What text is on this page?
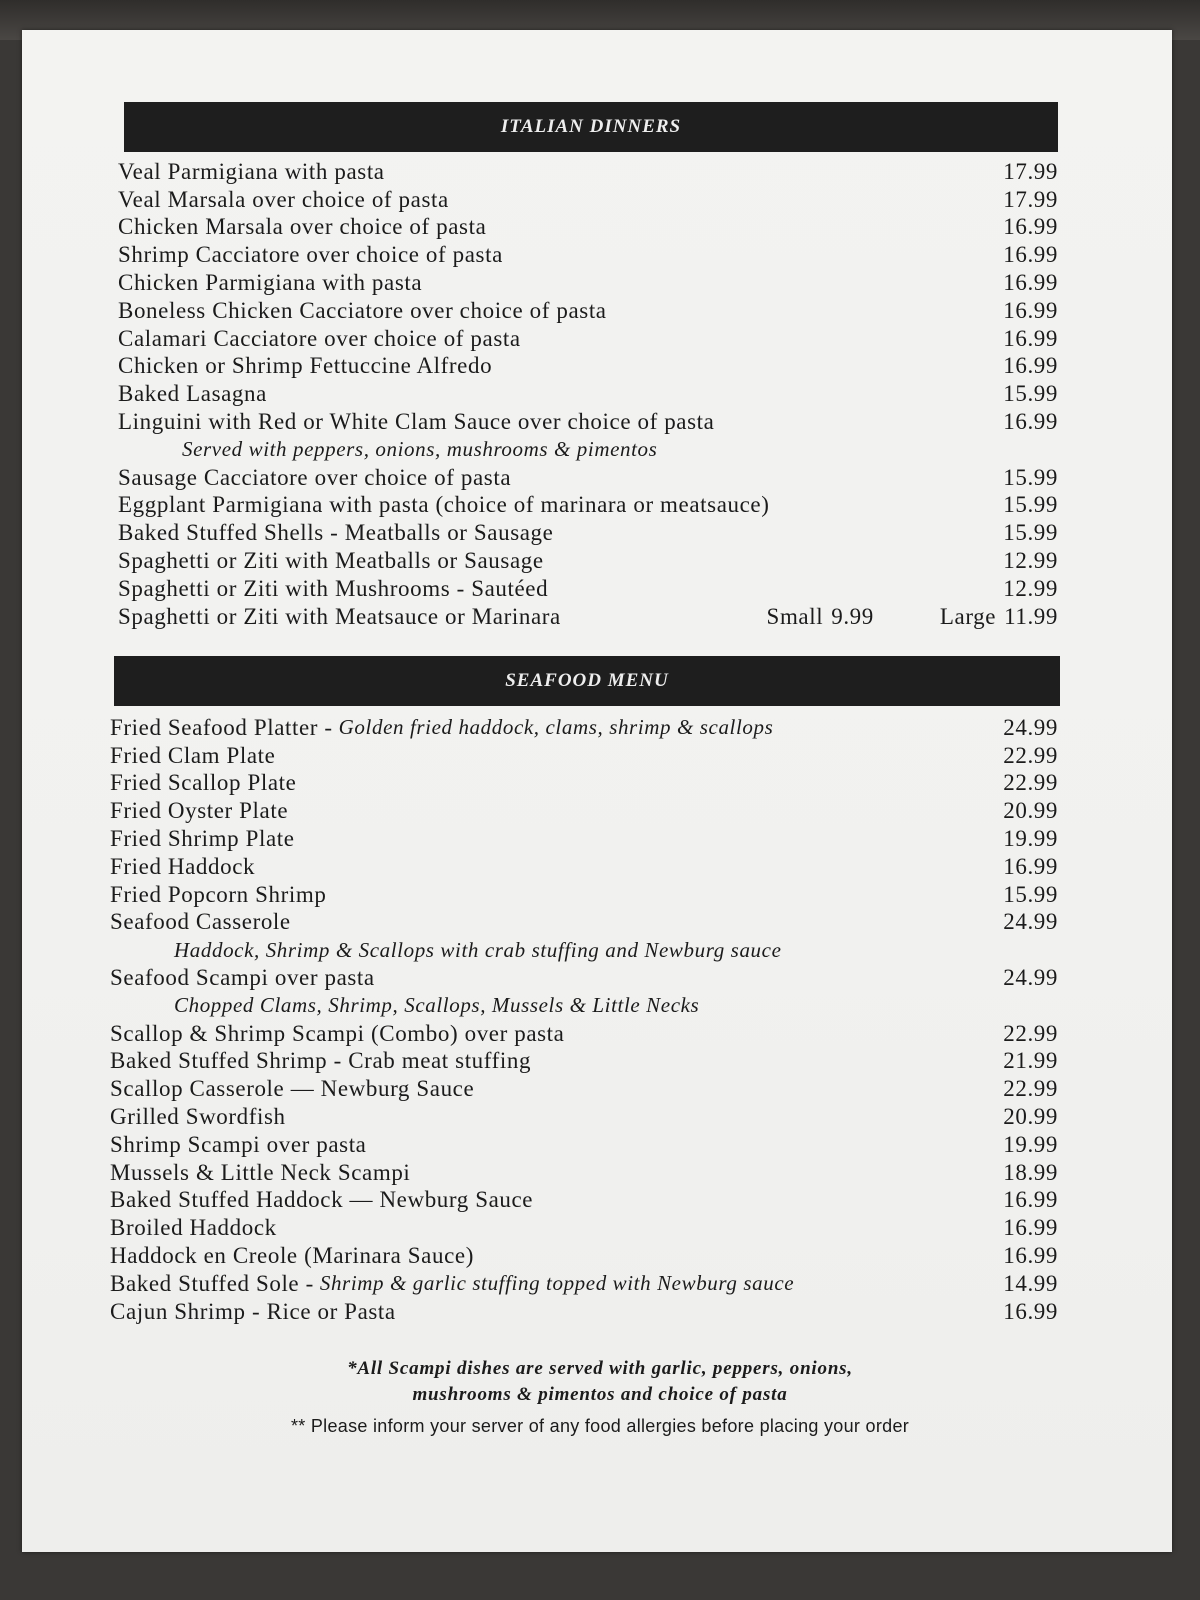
ITALIAN DINNERS
Veal Parmigiana with pasta	17.99
Veal Marsala over choice of pasta	17.99
Chicken Marsala over choice of pasta	16.99
Shrimp Cacciatore over choice of pasta	16.99
Chicken Parmigiana with pasta	16.99
Boneless Chicken Cacciatore over choice of pasta	16.99
Calamari Cacciatore over choice of pasta	16.99
Chicken or Shrimp Fettuccine Alfredo	16.99
Baked Lasagna	15.99
Linguini with Red or White Clam Sauce over choice of pasta	16.99
Served with peppers, onions, mushrooms & pimentos
Sausage Cacciatore over choice of pasta	15.99
Eggplant Parmigiana with pasta (choice of marinara or meatsauce)	15.99
Baked Stuffed Shells - Meatballs or Sausage	15.99
Spaghetti or Ziti with Meatballs or Sausage	12.99
Spaghetti or Ziti with Mushrooms - Sautéed	12.99
Spaghetti or Ziti with Meatsauce or Marinara	Small 9.99	Large 11.99
SEAFOOD MENU
Fried Seafood Platter - Golden fried haddock, clams, shrimp & scallops	24.99
Fried Clam Plate	22.99
Fried Scallop Plate	22.99
Fried Oyster Plate	20.99
Fried Shrimp Plate	19.99
Fried Haddock	16.99
Fried Popcorn Shrimp	15.99
Seafood Casserole	24.99
Haddock, Shrimp & Scallops with crab stuffing and Newburg sauce
Seafood Scampi over pasta	24.99
Chopped Clams, Shrimp, Scallops, Mussels & Little Necks
Scallop & Shrimp Scampi (Combo) over pasta	22.99
Baked Stuffed Shrimp - Crab meat stuffing	21.99
Scallop Casserole — Newburg Sauce	22.99
Grilled Swordfish	20.99
Shrimp Scampi over pasta	19.99
Mussels & Little Neck Scampi	18.99
Baked Stuffed Haddock — Newburg Sauce	16.99
Broiled Haddock	16.99
Haddock en Creole (Marinara Sauce)	16.99
Baked Stuffed Sole - Shrimp & garlic stuffing topped with Newburg sauce	14.99
Cajun Shrimp - Rice or Pasta	16.99
*All Scampi dishes are served with garlic, peppers, onions,
mushrooms & pimentos and choice of pasta
** Please inform your server of any food allergies before placing your order
